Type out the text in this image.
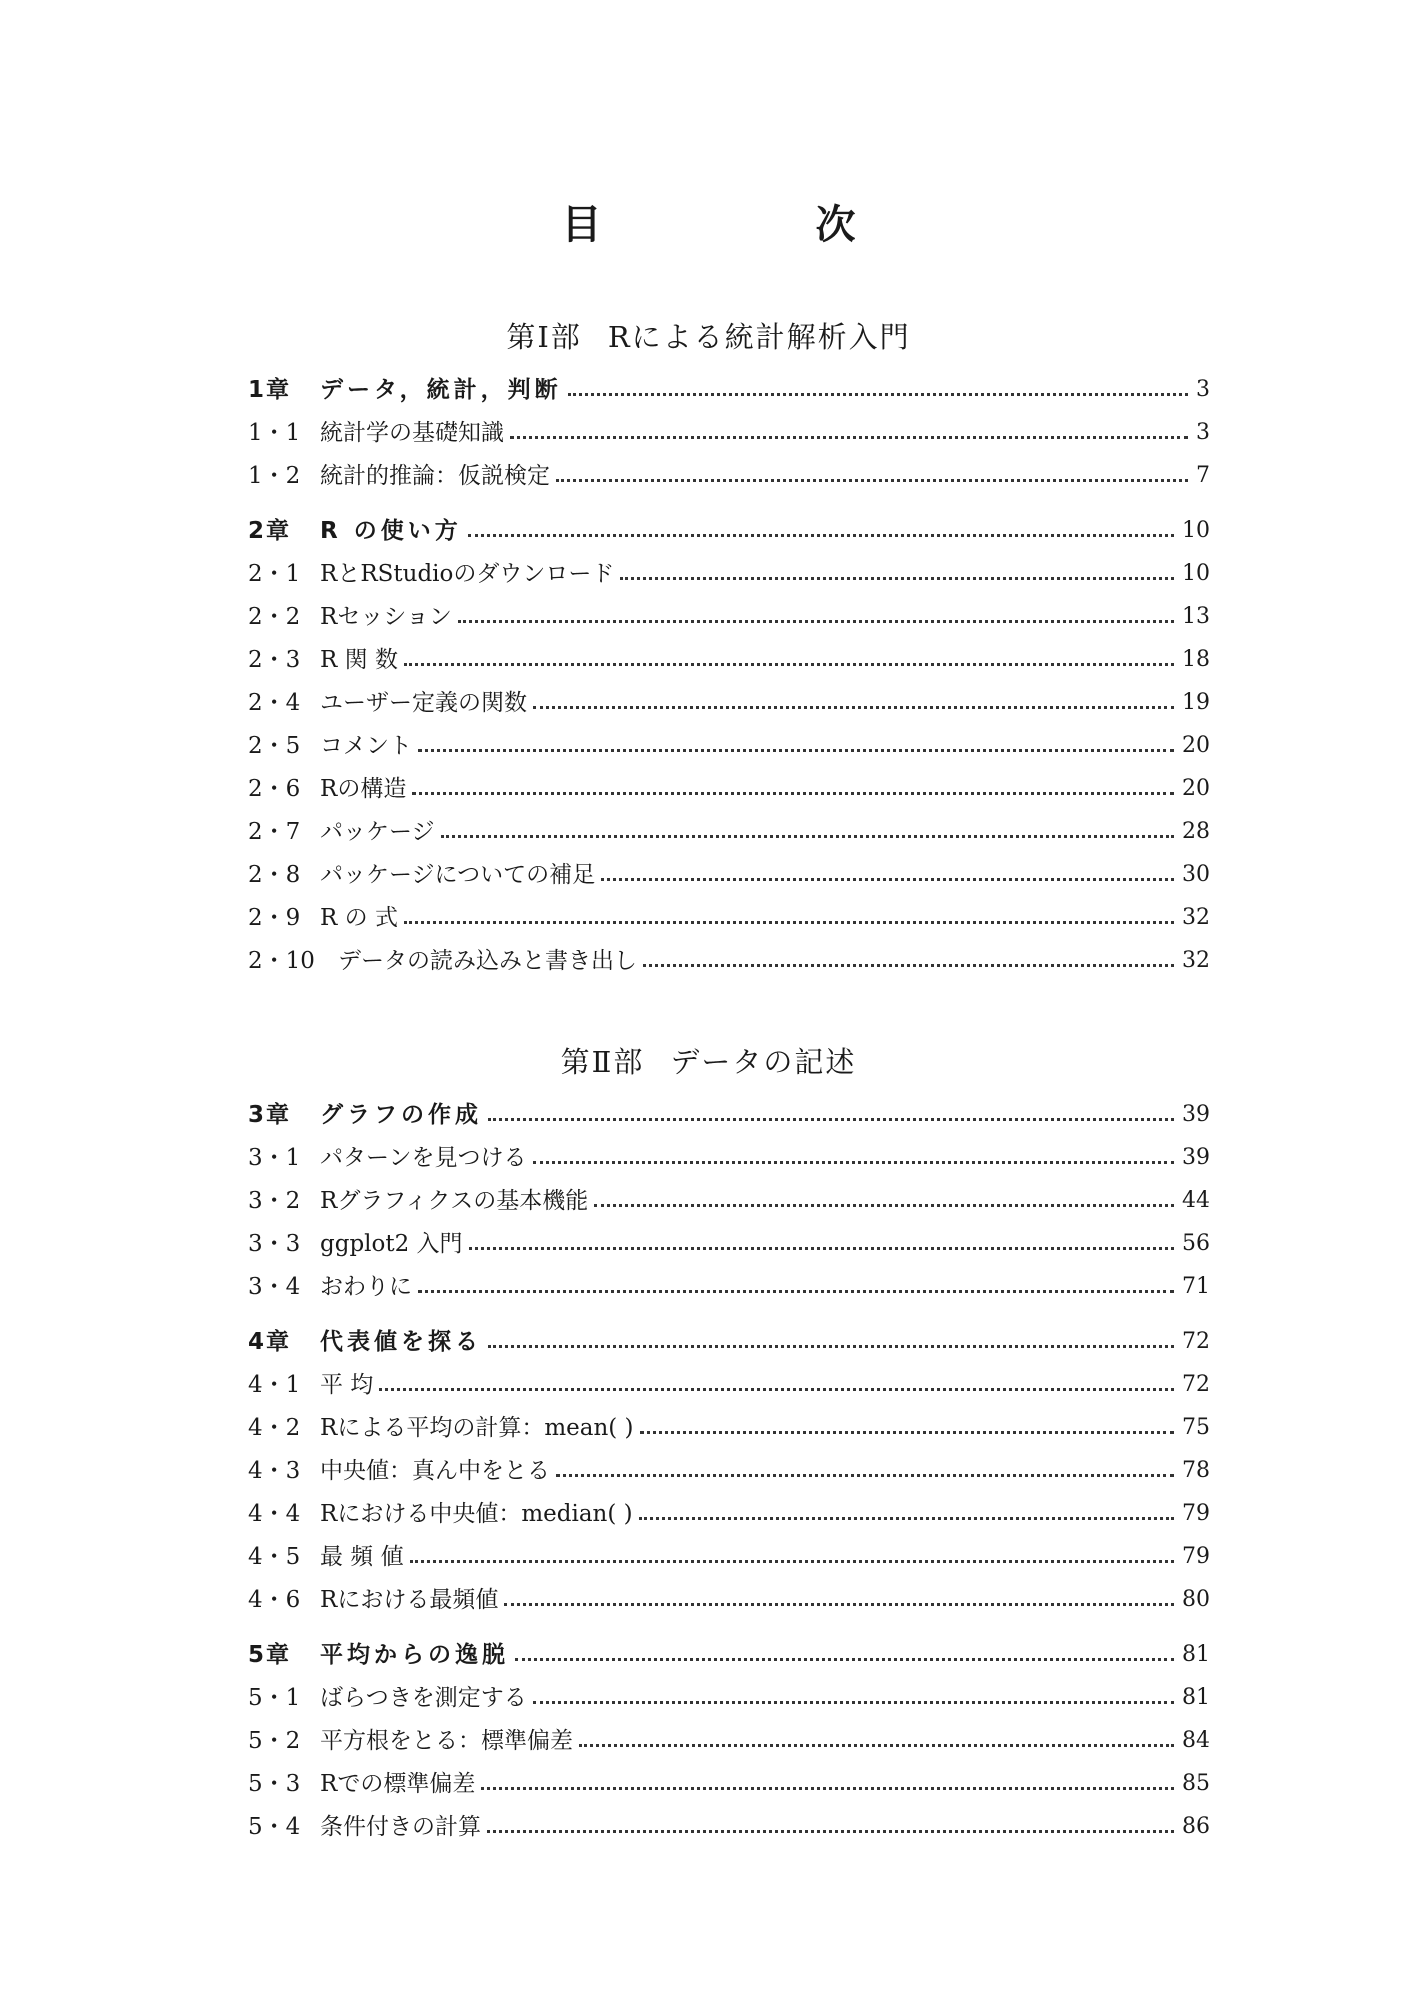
目 次
第Ⅰ部 Rによる統計解析入門
第Ⅱ部 データの記述
1章	データ，統計，判断	3
1・1 統計学の基礎知識	3
1・2 統計的推論：仮説検定	7
2章	R の使い方	10
2・1 RとRStudioのダウンロード	10
2・2 Rセッション	13
2・3 R 関 数	18
2・4 ユーザー定義の関数	19
2・5 コメント	20
2・6 Rの構造	20
2・7 パッケージ	28
2・8 パッケージについての補足	30
2・9 R の 式	32
2・10	データの読み込みと書き出し	32
3章	グラフの作成	39
3・1 パターンを見つける	39
3・2 Rグラフィクスの基本機能	44
3・3 ggplot2 入門	56
3・4 おわりに	71
4章	代表値を探る	72
4・1 平 均	72
4・2 Rによる平均の計算：mean( )	75
4・3 中央値：真ん中をとる	78
4・4 Rにおける中央値：median( )	79
4・5 最 頻 値	79
4・6 Rにおける最頻値	80
5章	平均からの逸脱	81
5・1 ばらつきを測定する	81
5・2 平方根をとる：標準偏差	84
5・3 Rでの標準偏差	85
5・4 条件付きの計算	86
